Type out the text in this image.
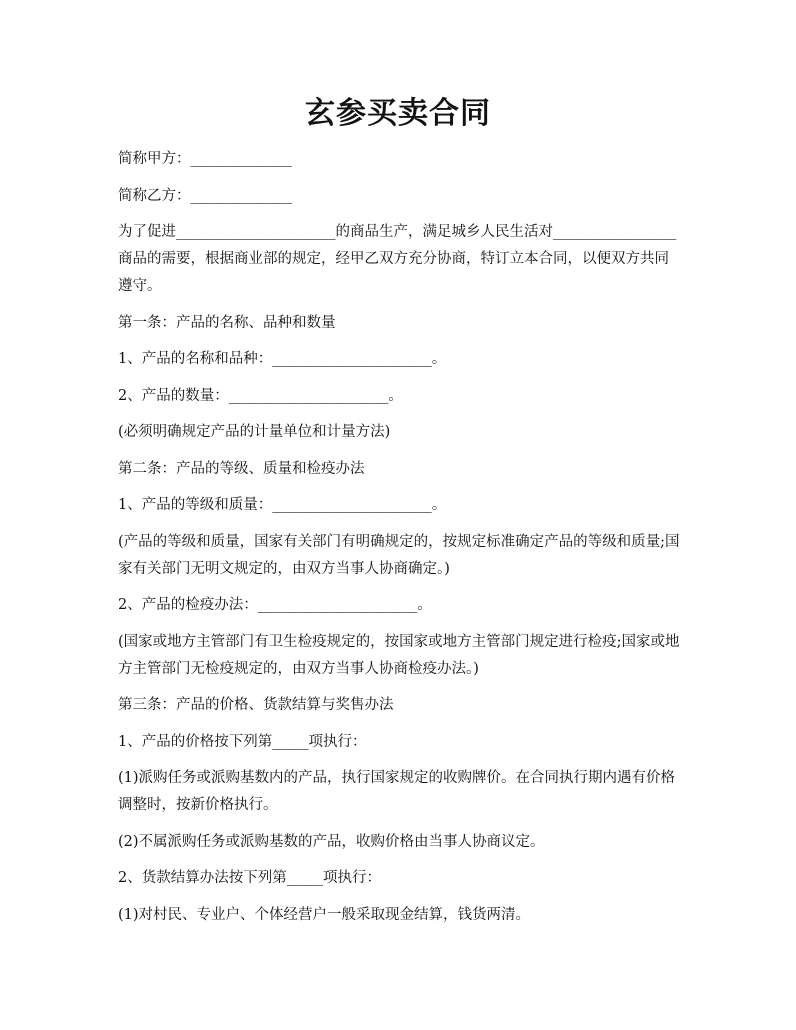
玄参买卖合同

简称甲方：______________

简称乙方：______________

为了促进______________________的商品生产，满足城乡人民生活对_________________商品的需要，根据商业部的规定，经甲乙双方充分协商，特订立本合同，以便双方共同遵守。

第一条：产品的名称、品种和数量

1、产品的名称和品种：______________________。

2、产品的数量：______________________。

(必须明确规定产品的计量单位和计量方法)

第二条：产品的等级、质量和检疫办法

1、产品的等级和质量：______________________。

(产品的等级和质量，国家有关部门有明确规定的，按规定标准确定产品的等级和质量;国家有关部门无明文规定的，由双方当事人协商确定。)

2、产品的检疫办法：______________________。

(国家或地方主管部门有卫生检疫规定的，按国家或地方主管部门规定进行检疫;国家或地方主管部门无检疫规定的，由双方当事人协商检疫办法。)

第三条：产品的价格、货款结算与奖售办法

1、产品的价格按下列第_____项执行：

(1)派购任务或派购基数内的产品，执行国家规定的收购牌价。在合同执行期内遇有价格调整时，按新价格执行。

(2)不属派购任务或派购基数的产品，收购价格由当事人协商议定。

2、货款结算办法按下列第_____项执行：

(1)对村民、专业户、个体经营户一般采取现金结算，钱货两清。
